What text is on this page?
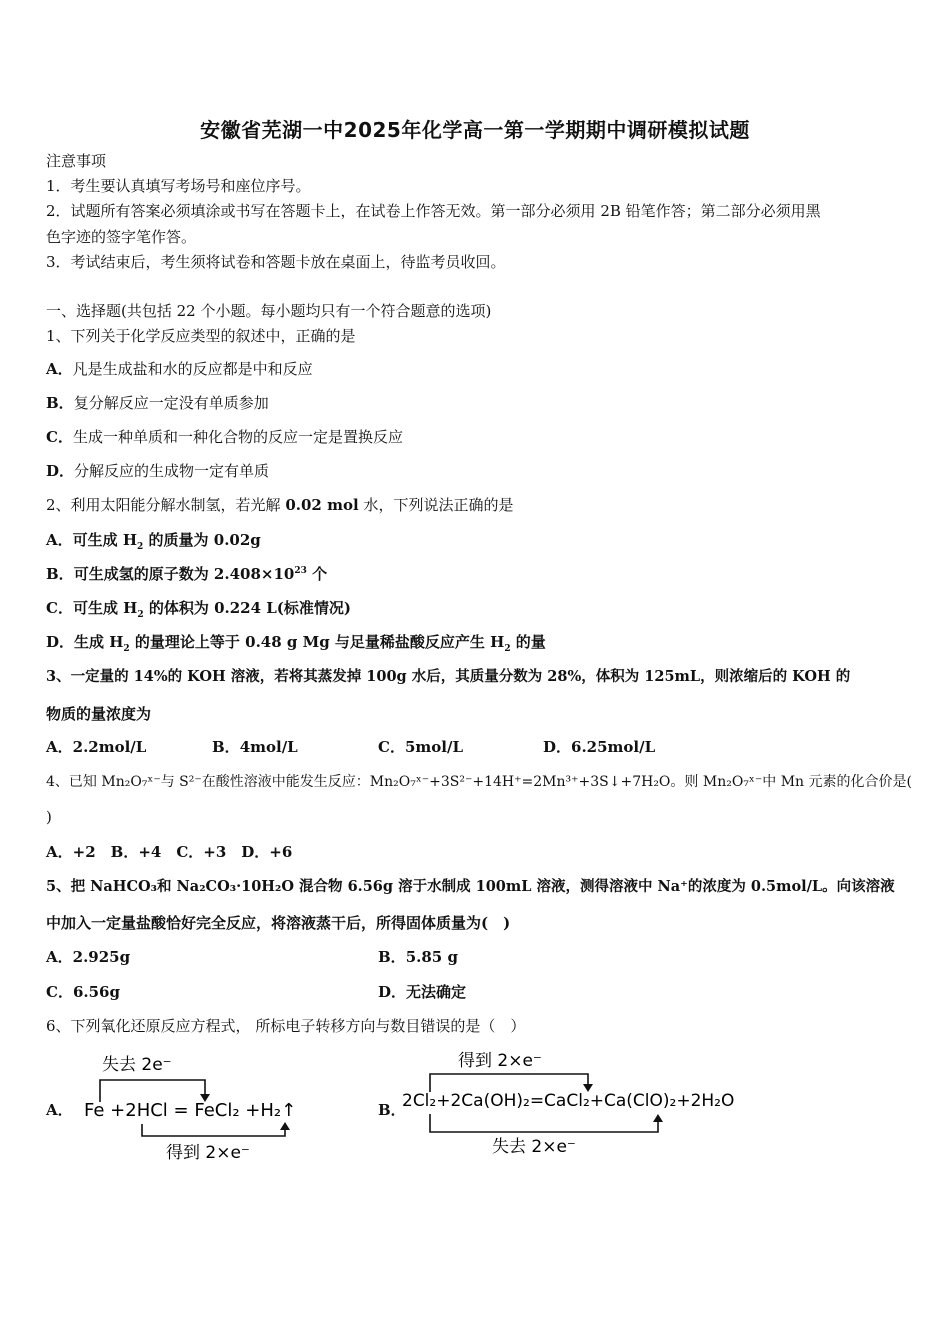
安徽省芜湖一中2025年化学高一第一学期期中调研模拟试题
注意事项
1．考生要认真填写考场号和座位序号。
2．试题所有答案必须填涂或书写在答题卡上，在试卷上作答无效。第一部分必须用 2B 铅笔作答；第二部分必须用黑
色字迹的签字笔作答。
3．考试结束后，考生须将试卷和答题卡放在桌面上，待监考员收回。
一、选择题(共包括 22 个小题。每小题均只有一个符合题意的选项)
1、下列关于化学反应类型的叙述中，正确的是
A．凡是生成盐和水的反应都是中和反应
B．复分解反应一定没有单质参加
C．生成一种单质和一种化合物的反应一定是置换反应
D．分解反应的生成物一定有单质
2、利用太阳能分解水制氢，若光解 0.02 mol 水，下列说法正确的是
A．可生成 $H_2$ 的质量为 0.02g
B．可生成氢的原子数为 $2.408\times 10^{23}$ 个
C．可生成 $H_2$ 的体积为 0.224 L(标准情况)
D．生成 $H_2$ 的量理论上等于 0.48 g Mg 与足量稀盐酸反应产生 $H_2$ 的量
3、一定量的 14%的 KOH 溶液，若将其蒸发掉 100g 水后，其质量分数为 28%，体积为 125mL，则浓缩后的 KOH 的
物质的量浓度为
A．2.2mol/L	B．4mol/L	C．5mol/L	D．6.25mol/L
4、已知 Mn₂O₇ˣ⁻与 S²⁻在酸性溶液中能发生反应：Mn₂O₇ˣ⁻+3S²⁻+14H⁺=2Mn³⁺+3S↓+7H₂O。则 Mn₂O₇ˣ⁻中 Mn 元素的化合价是(
)
A．+2　B．+4　C．+3　D．+6
5、把 NaHCO₃和 Na₂CO₃·10H₂O 混合物 6.56g 溶于水制成 100mL 溶液，测得溶液中 Na⁺的浓度为 0.5mol/L。向该溶液
中加入一定量盐酸恰好完全反应，将溶液蒸干后，所得固体质量为(　)
A．2.925g	B．5.85 g
C．6.56g	D．无法确定
6、下列氧化还原反应方程式， 所标电子转移方向与数目错误的是（　）
A．
失去 2e⁻
Fe +2HCl = FeCl₂ +H₂↑
得到 2×e⁻
B．
得到 2×e⁻
2Cl₂+2Ca(OH)₂=CaCl₂+Ca(ClO)₂+2H₂O
失去 2×e⁻
